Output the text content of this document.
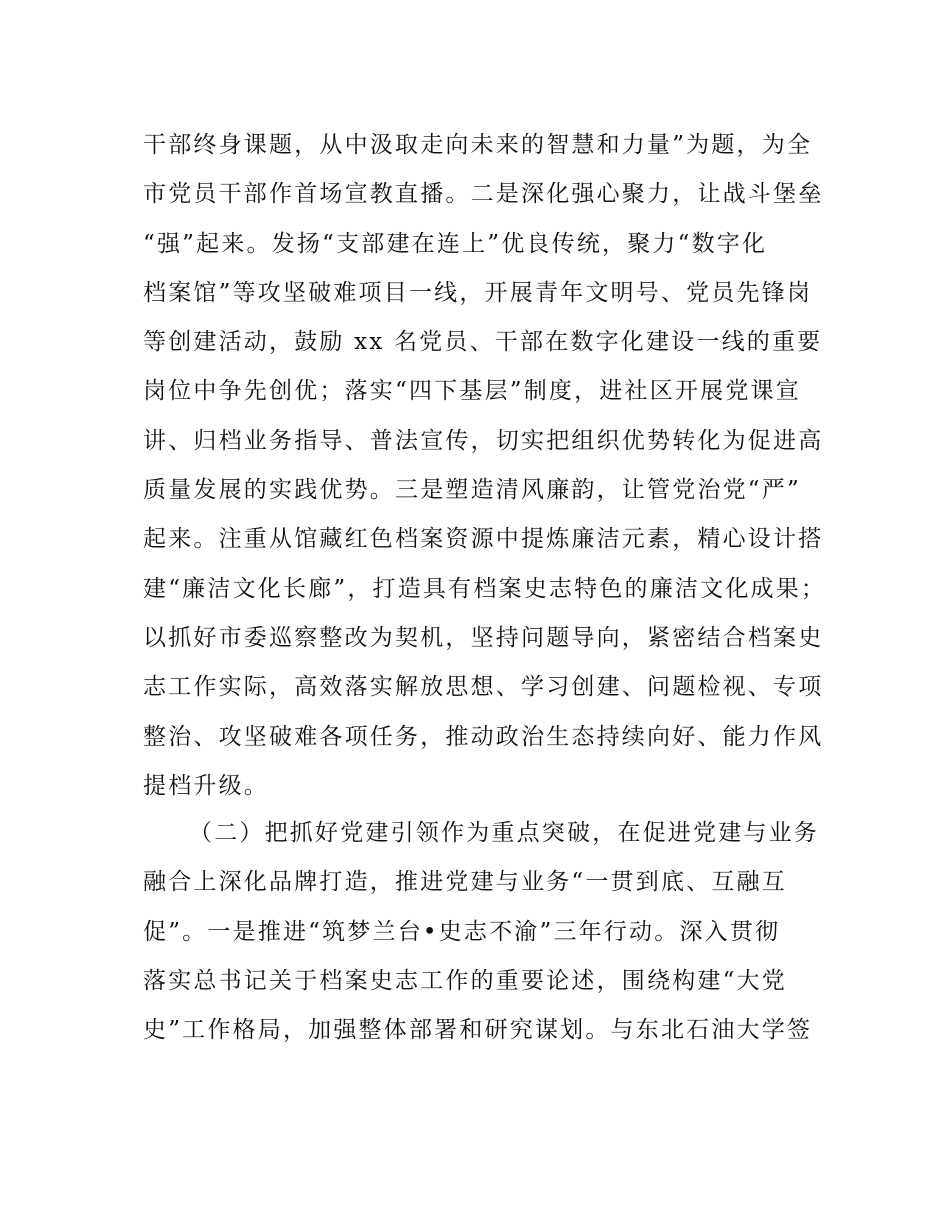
干部终身课题，从中汲取走向未来的智慧和力量”为题，为全
市党员干部作首场宣教直播。二是深化强心聚力，让战斗堡垒
“强”起来。发扬“支部建在连上”优良传统，聚力“数字化
档案馆”等攻坚破难项目一线，开展青年文明号、党员先锋岗
等创建活动，鼓励 xx 名党员、干部在数字化建设一线的重要
岗位中争先创优；落实“四下基层”制度，进社区开展党课宣
讲、归档业务指导、普法宣传，切实把组织优势转化为促进高
质量发展的实践优势。三是塑造清风廉韵，让管党治党“严”
起来。注重从馆藏红色档案资源中提炼廉洁元素，精心设计搭
建“廉洁文化长廊”，打造具有档案史志特色的廉洁文化成果；
以抓好市委巡察整改为契机，坚持问题导向，紧密结合档案史
志工作实际，高效落实解放思想、学习创建、问题检视、专项
整治、攻坚破难各项任务，推动政治生态持续向好、能力作风
提档升级。

（二）把抓好党建引领作为重点突破，在促进党建与业务
融合上深化品牌打造，推进党建与业务“一贯到底、互融互
促”。一是推进“筑梦兰台•史志不渝”三年行动。深入贯彻
落实总书记关于档案史志工作的重要论述，围绕构建“大党
史”工作格局，加强整体部署和研究谋划。与东北石油大学签
